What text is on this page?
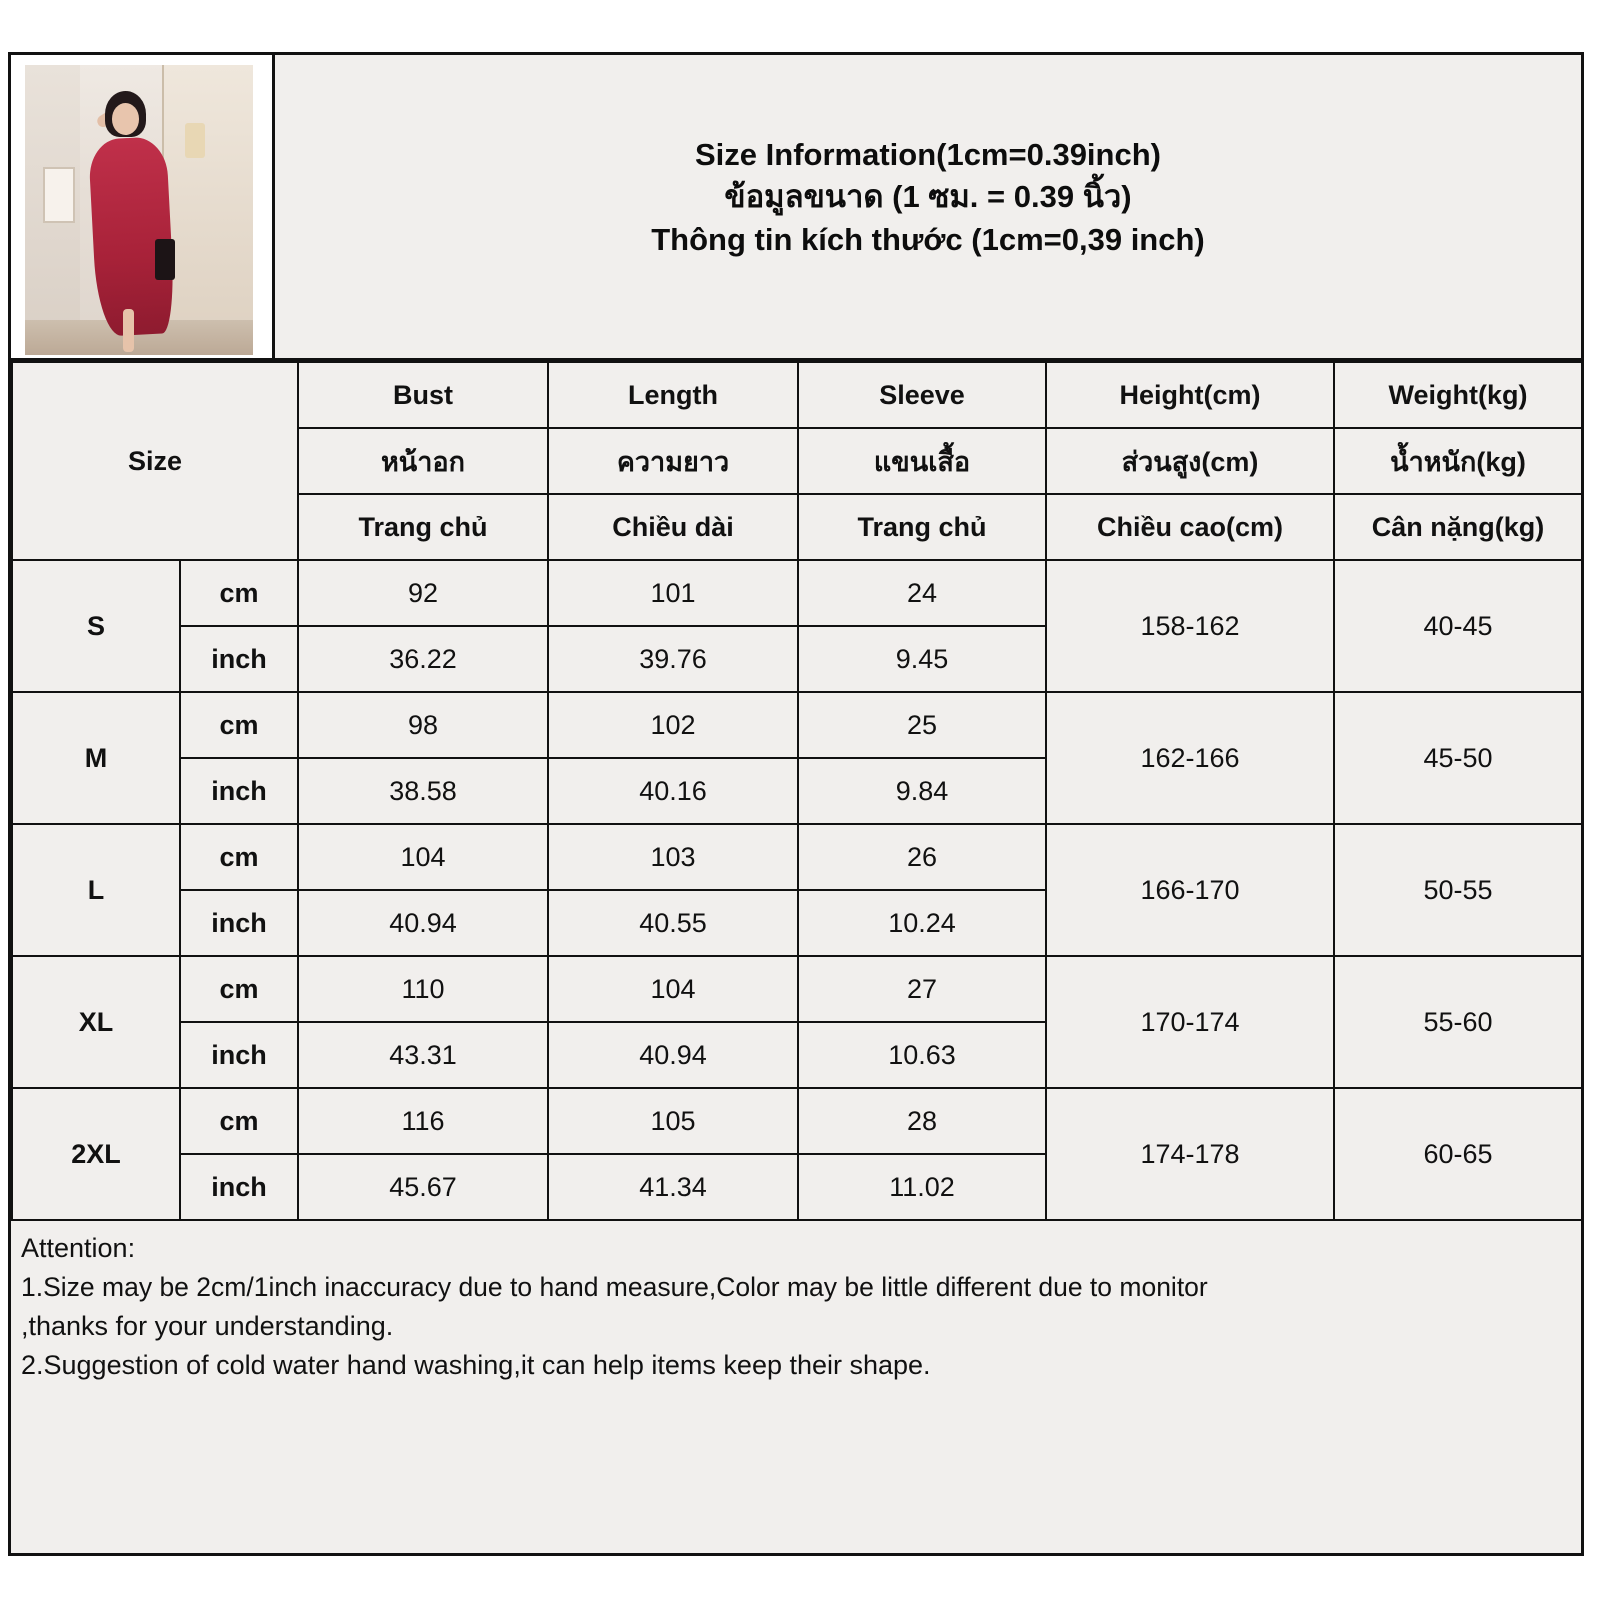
Size Information(1cm=0.39inch)
ข้อมูลขนาด (1 ซม. = 0.39 นิ้ว)
Thông tin kích thước (1cm=0,39 inch)
Size		Bust	Length	Sleeve	Height(cm)	Weight(kg)
		หน้าอก	ความยาว	แขนเสื้อ	ส่วนสูง(cm)	น้ำหนัก(kg)
		Trang chủ	Chiều dài	Trang chủ	Chiều cao(cm)	Cân nặng(kg)
S	cm	92	101	24	158-162	40-45
	inch	36.22	39.76	9.45		
M	cm	98	102	25	162-166	45-50
	inch	38.58	40.16	9.84		
L	cm	104	103	26	166-170	50-55
	inch	40.94	40.55	10.24		
XL	cm	110	104	27	170-174	55-60
	inch	43.31	40.94	10.63		
2XL	cm	116	105	28	174-178	60-65
	inch	45.67	41.34	11.02		
Attention:
1.Size may be 2cm/1inch inaccuracy due to hand measure,Color may be little different due to monitor
,thanks for your understanding.
2.Suggestion of cold water hand washing,it can help items keep their shape.
